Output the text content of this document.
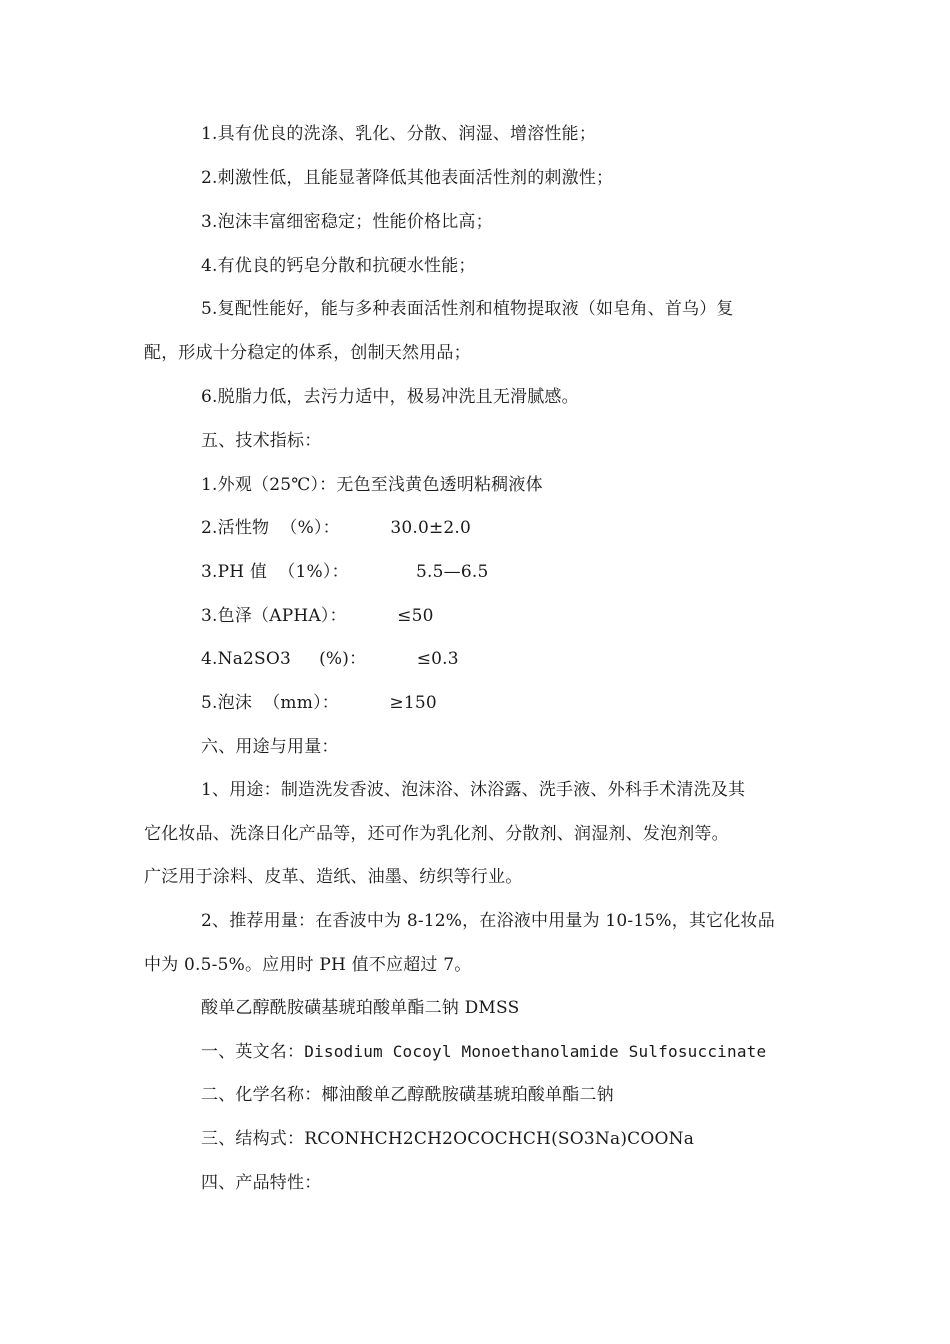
1.具有优良的洗涤、乳化、分散、润湿、增溶性能；
2.刺激性低，且能显著降低其他表面活性剂的刺激性；
3.泡沫丰富细密稳定；性能价格比高；
4.有优良的钙皂分散和抗硬水性能；
5.复配性能好，能与多种表面活性剂和植物提取液（如皂角、首乌）复
配，形成十分稳定的体系，创制天然用品；
6.脱脂力低，去污力适中，极易冲洗且无滑腻感。
五、技术指标：
1.外观（25℃）：无色至浅黄色透明粘稠液体
2.活性物  （%）：         30.0±2.0
3.PH 值  （1%）：            5.5—6.5
3.色泽（APHA）：         ≤50
4.Na2SO3     (%)：         ≤0.3
5.泡沫  （mm）：         ≥150
六、用途与用量：
1、用途：制造洗发香波、泡沫浴、沐浴露、洗手液、外科手术清洗及其
它化妆品、洗涤日化产品等，还可作为乳化剂、分散剂、润湿剂、发泡剂等。
广泛用于涂料、皮革、造纸、油墨、纺织等行业。
2、推荐用量：在香波中为 8-12%，在浴液中用量为 10-15%，其它化妆品
中为 0.5-5%。应用时 PH 值不应超过 7。
酸单乙醇酰胺磺基琥珀酸单酯二钠 DMSS
一、英文名：Disodium Cocoyl Monoethanolamide Sulfosuccinate
二、化学名称：椰油酸单乙醇酰胺磺基琥珀酸单酯二钠
三、结构式：RCONHCH2CH2OCOCHCH(SO3Na)COONa
四、产品特性：
